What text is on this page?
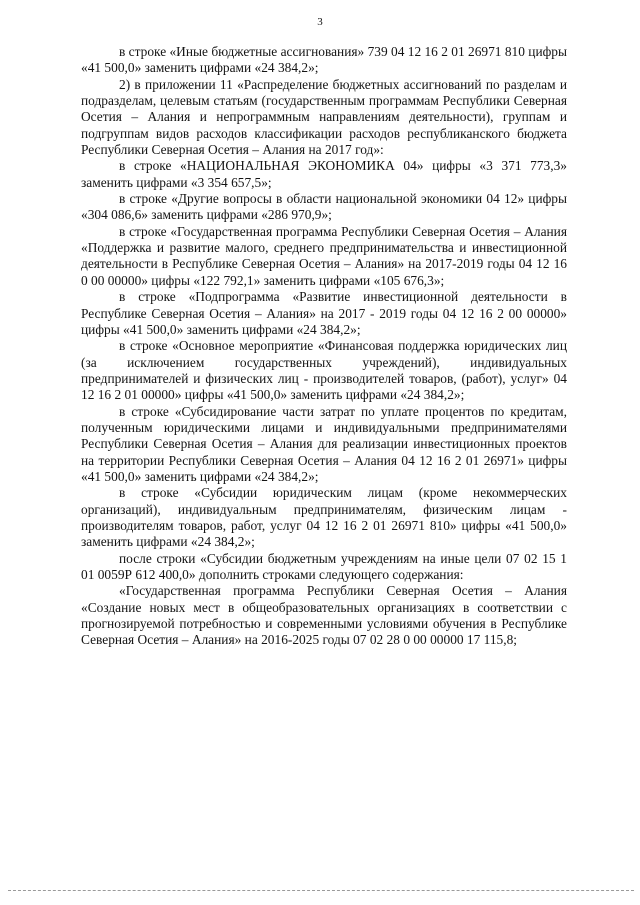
3

в строке «Иные бюджетные ассигнования» 739 04 12 16 2 01 26971 810 цифры «41 500,0» заменить цифрами «24 384,2»;

2) в приложении 11 «Распределение бюджетных ассигнований по разделам и подразделам, целевым статьям (государственным программам Республики Северная Осетия – Алания и непрограммным направлениям деятельности), группам и подгруппам видов расходов классификации расходов республиканского бюджета Республики Северная Осетия – Алания на 2017 год»:

в строке «НАЦИОНАЛЬНАЯ ЭКОНОМИКА 04» цифры «3 371 773,3» заменить цифрами «3 354 657,5»;

в строке «Другие вопросы в области национальной экономики 04 12» цифры «304 086,6» заменить цифрами «286 970,9»;

в строке «Государственная программа Республики Северная Осетия – Алания «Поддержка и развитие малого, среднего предпринимательства и инвестиционной деятельности в Республике Северная Осетия – Алания» на 2017-2019 годы 04 12 16 0 00 00000» цифры «122 792,1» заменить цифрами «105 676,3»;

в строке «Подпрограмма «Развитие инвестиционной деятельности в Республике Северная Осетия – Алания» на 2017 - 2019 годы 04 12 16 2 00 00000» цифры «41 500,0» заменить цифрами «24 384,2»;

в строке «Основное мероприятие «Финансовая поддержка юридических лиц (за исключением государственных учреждений), индивидуальных предпринимателей и физических лиц - производителей товаров, (работ), услуг» 04 12 16 2 01 00000» цифры «41 500,0» заменить цифрами «24 384,2»;

в строке «Субсидирование части затрат по уплате процентов по кредитам, полученным юридическими лицами и индивидуальными предпринимателями Республики Северная Осетия – Алания для реализации инвестиционных проектов на территории Республики Северная Осетия – Алания 04 12 16 2 01 26971» цифры «41 500,0» заменить цифрами «24 384,2»;

в строке «Субсидии юридическим лицам (кроме некоммерческих организаций), индивидуальным предпринимателям, физическим лицам - производителям товаров, работ, услуг 04 12 16 2 01 26971 810» цифры «41 500,0» заменить цифрами «24 384,2»;

после строки «Субсидии бюджетным учреждениям на иные цели 07 02 15 1 01 0059Р 612 400,0» дополнить строками следующего содержания:

«Государственная программа Республики Северная Осетия – Алания «Создание новых мест в общеобразовательных организациях в соответствии с прогнозируемой потребностью и современными условиями обучения в Республике Северная Осетия – Алания» на 2016-2025 годы 07 02 28 0 00 00000 17 115,8;
